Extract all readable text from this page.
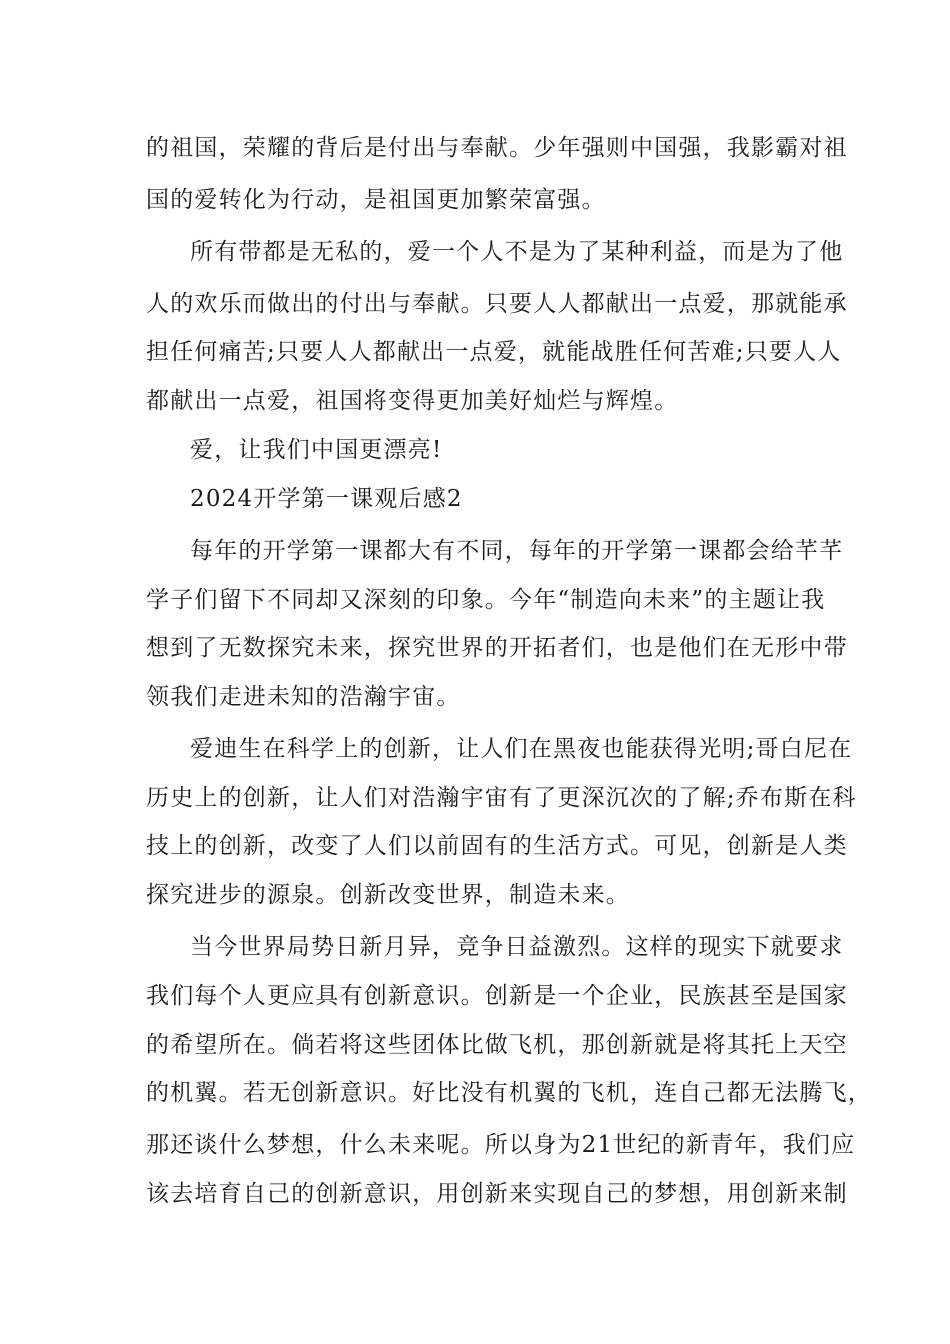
的祖国，荣耀的背后是付出与奉献。少年强则中国强，我影霸对祖
国的爱转化为行动，是祖国更加繁荣富强。
所有带都是无私的，爱一个人不是为了某种利益，而是为了他
人的欢乐而做出的付出与奉献。只要人人都献出一点爱，那就能承
担任何痛苦;只要人人都献出一点爱，就能战胜任何苦难;只要人人
都献出一点爱，祖国将变得更加美好灿烂与辉煌。
爱，让我们中国更漂亮!
2024开学第一课观后感2
每年的开学第一课都大有不同，每年的开学第一课都会给芊芊
学子们留下不同却又深刻的印象。今年“制造向未来”的主题让我
想到了无数探究未来，探究世界的开拓者们，也是他们在无形中带
领我们走进未知的浩瀚宇宙。
爱迪生在科学上的创新，让人们在黑夜也能获得光明;哥白尼在
历史上的创新，让人们对浩瀚宇宙有了更深沉次的了解;乔布斯在科
技上的创新，改变了人们以前固有的生活方式。可见，创新是人类
探究进步的源泉。创新改变世界，制造未来。
当今世界局势日新月异，竞争日益激烈。这样的现实下就要求
我们每个人更应具有创新意识。创新是一个企业，民族甚至是国家
的希望所在。倘若将这些团体比做飞机，那创新就是将其托上天空
的机翼。若无创新意识。好比没有机翼的飞机，连自己都无法腾飞，
那还谈什么梦想，什么未来呢。所以身为21世纪的新青年，我们应
该去培育自己的创新意识，用创新来实现自己的梦想，用创新来制
